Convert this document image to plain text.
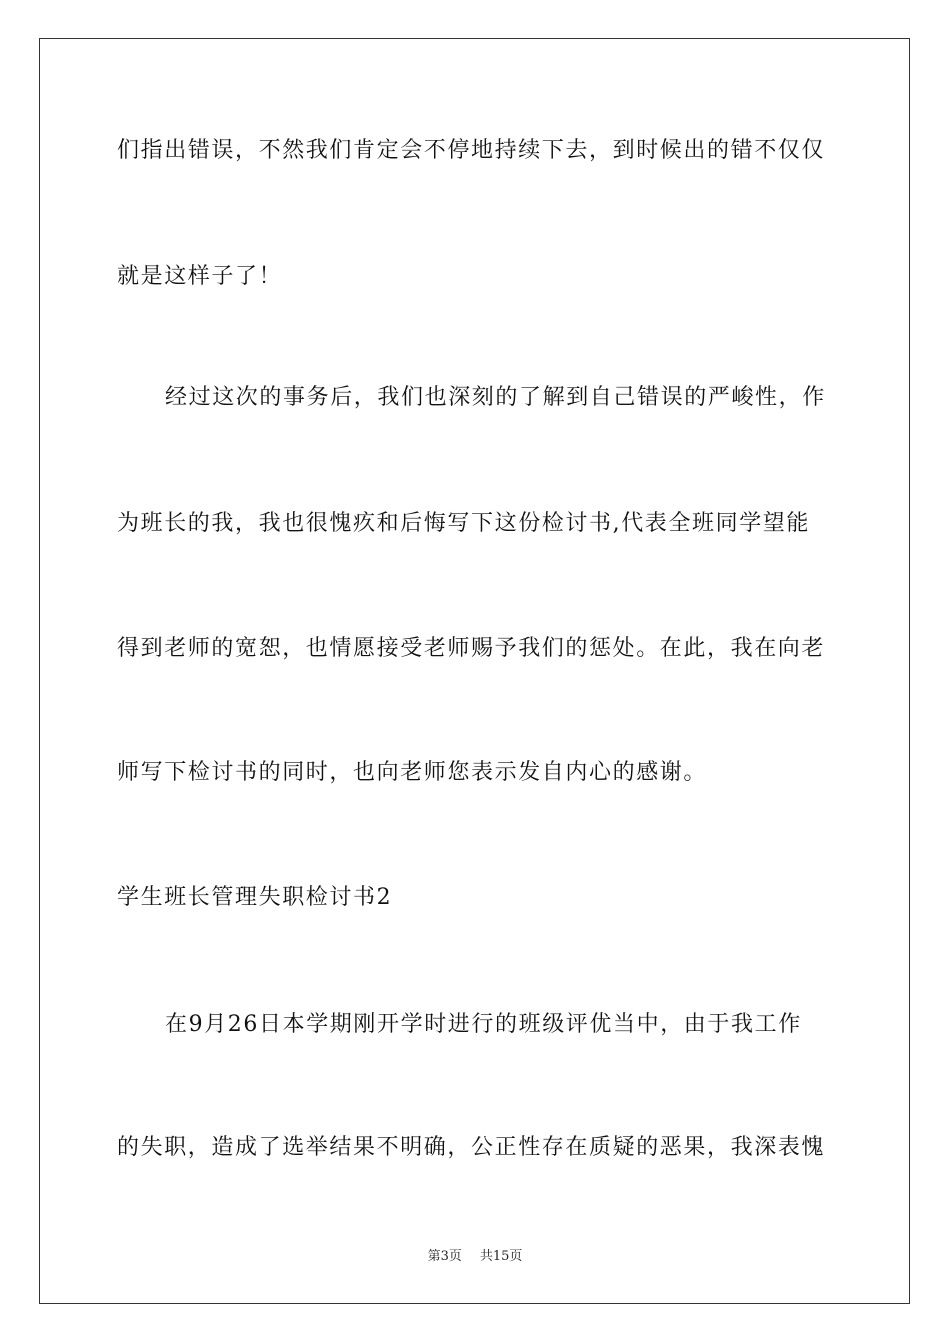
们指出错误，不然我们肯定会不停地持续下去，到时候出的错不仅仅
就是这样子了！
经过这次的事务后，我们也深刻的了解到自己错误的严峻性，作
为班长的我，我也很愧疚和后悔写下这份检讨书,代表全班同学望能
得到老师的宽恕，也情愿接受老师赐予我们的惩处。在此，我在向老
师写下检讨书的同时，也向老师您表示发自内心的感谢。
学生班长管理失职检讨书2
在9月26日本学期刚开学时进行的班级评优当中，由于我工作
的失职，造成了选举结果不明确，公正性存在质疑的恶果，我深表愧
第3页 共15页
